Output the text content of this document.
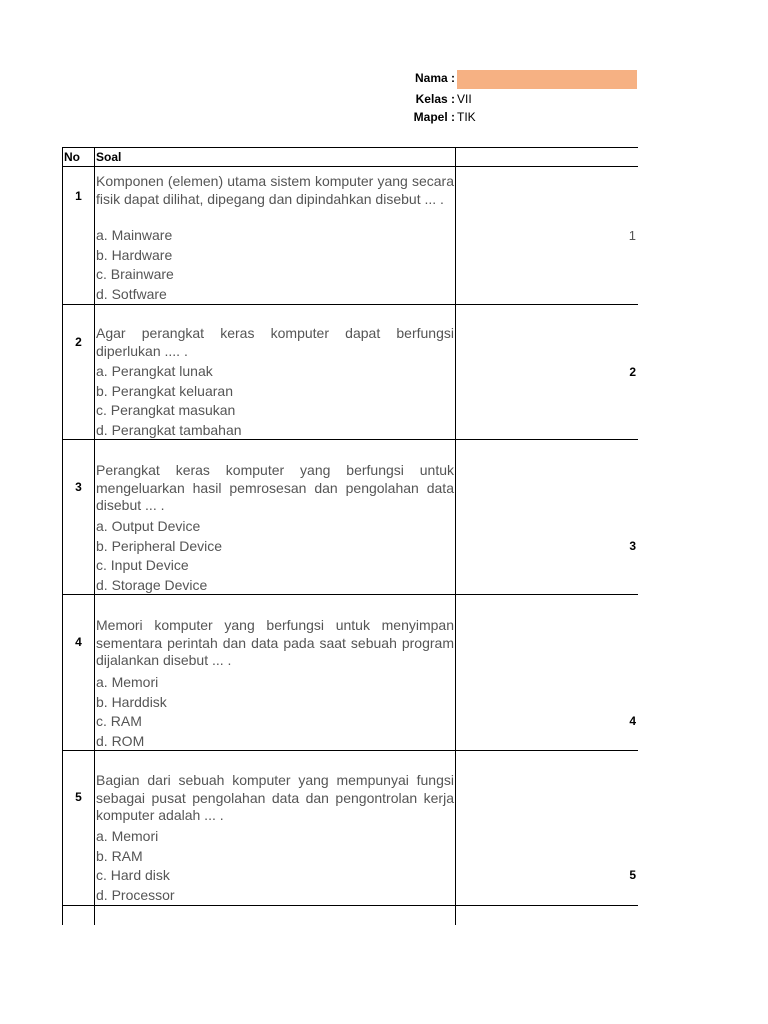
Nama :
Kelas : VII
Mapel : TIK
No Soal
1
Komponen (elemen) utama sistem komputer yang secara fisik dapat dilihat, dipegang dan dipindahkan disebut ... .
a. Mainware
b. Hardware
c. Brainware
d. Sotfware
1
2
Agar perangkat keras komputer dapat berfungsi diperlukan .... .
a. Perangkat lunak
b. Perangkat keluaran
c. Perangkat masukan
d. Perangkat tambahan
2
3
Perangkat keras komputer yang berfungsi untuk mengeluarkan hasil pemrosesan dan pengolahan data disebut ... .
a. Output Device
b. Peripheral Device
c. Input Device
d. Storage Device
3
4
Memori komputer yang berfungsi untuk menyimpan sementara perintah dan data pada saat sebuah program dijalankan disebut ... .
a. Memori
b. Harddisk
c. RAM
d. ROM
4
5
Bagian dari sebuah komputer yang mempunyai fungsi sebagai pusat pengolahan data dan pengontrolan kerja komputer adalah ... .
a. Memori
b. RAM
c. Hard disk
d. Processor
5
